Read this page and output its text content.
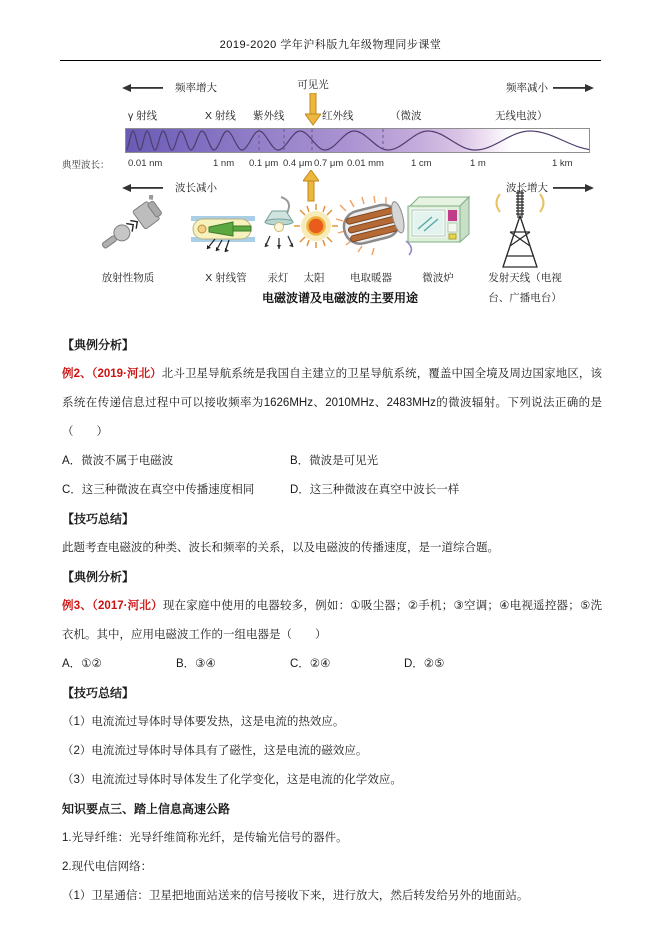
2019-2020 学年沪科版九年级物理同步课堂
频率增大	可见光	频率减小
γ 射线	X 射线 紫外线	红外线	（微波	无线电波）
典型波长： 0.01 nm	1 nm 0.1 μm 0.4 μm 0.7 μm 0.01 mm	1 cm	1 m	1 km
波长减小	波长增大
放射性物质	X 射线管 汞灯 太阳 电取暖器	微波炉	发射天线（电视
台、广播电台）
电磁波谱及电磁波的主要用途
【典例分析】

例2、（2019·河北）北斗卫星导航系统是我国自主建立的卫星导航系统，覆盖中国全境及周边国家地区，该系统在传递信息过程中可以接收频率为1626MHz、2010MHz、2483MHz的微波辐射。下列说法正确的是（　　）

A．微波不属于电磁波	B．微波是可见光
C．这三种微波在真空中传播速度相同	D．这三种微波在真空中波长一样
【技巧总结】

此题考查电磁波的种类、波长和频率的关系，以及电磁波的传播速度，是一道综合题。

【典例分析】

例3、（2017·河北）现在家庭中使用的电器较多，例如：①吸尘器；②手机；③空调；④电视遥控器；⑤洗衣机。其中，应用电磁波工作的一组电器是（　　）

A．①②	B．③④	C．②④	D．②⑤
【技巧总结】

（1）电流流过导体时导体要发热，这是电流的热效应。

（2）电流流过导体时导体具有了磁性，这是电流的磁效应。

（3）电流流过导体时导体发生了化学变化，这是电流的化学效应。

知识要点三、踏上信息高速公路

1.光导纤维：光导纤维简称光纤，是传输光信号的器件。

2.现代电信网络：

（1）卫星通信：卫星把地面站送来的信号接收下来，进行放大，然后转发给另外的地面站。
